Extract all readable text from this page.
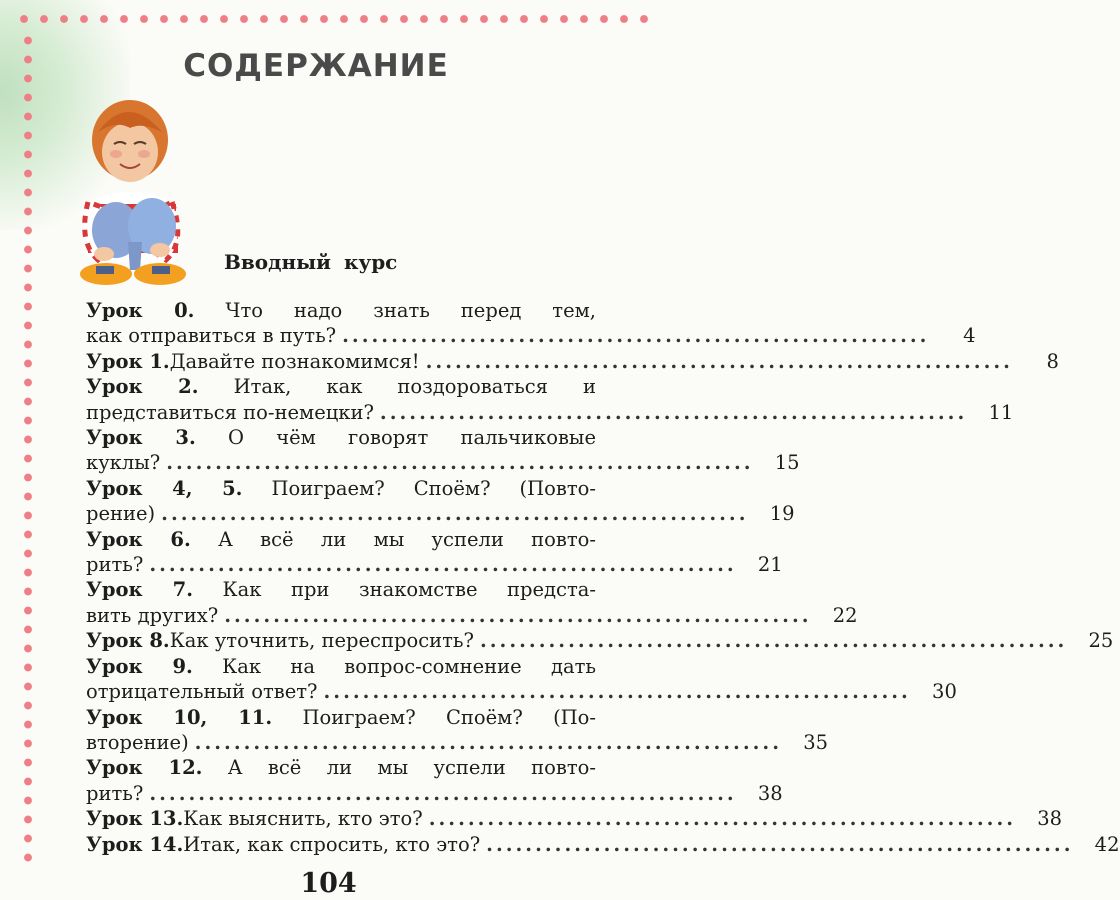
СОДЕРЖАНИЕ
Вводный курс
Урок 0. Что надо знать перед тем,
как отправиться в путь? ............................................................	4
Урок 1. Давайте познакомимся! ............................................................	8
Урок 2. Итак, как поздороваться и
представиться по-немецки? ............................................................	11
Урок 3. О чём говорят пальчиковые
куклы? ............................................................	15
Урок 4, 5. Поиграем? Споём? (Повто-
рение) ............................................................	19
Урок 6. А всё ли мы успели повто-
рить? ............................................................	21
Урок 7. Как при знакомстве предста-
вить других? ............................................................	22
Урок 8. Как уточнить, переспросить? ............................................................	25
Урок 9. Как на вопрос-сомнение дать
отрицательный ответ? ............................................................	30
Урок 10, 11. Поиграем? Споём? (По-
вторение) ............................................................	35
Урок 12. А всё ли мы успели повто-
рить? ............................................................	38
Урок 13. Как выяснить, кто это? ............................................................	38
Урок 14. Итак, как спросить, кто это? ............................................................	42
104
